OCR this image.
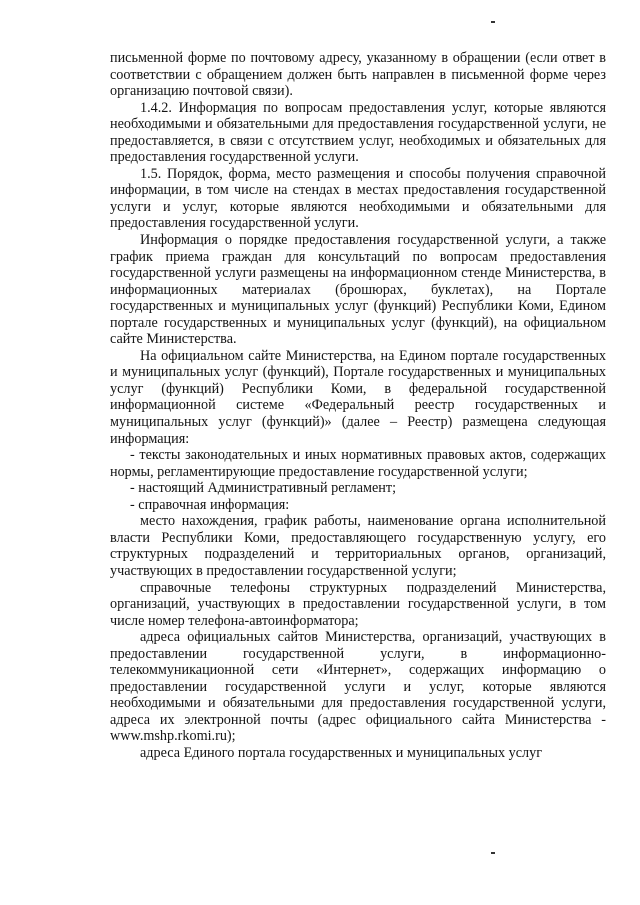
письменной форме по почтовому адресу, указанному в обращении (если ответ в соответствии с обращением должен быть направлен в письменной форме через организацию почтовой связи).

1.4.2. Информация по вопросам предоставления услуг, которые являются необходимыми и обязательными для предоставления государственной услуги, не предоставляется, в связи с отсутствием услуг, необходимых и обязательных для предоставления государственной услуги.

1.5. Порядок, форма, место размещения и способы получения справочной информации, в том числе на стендах в местах предоставления государственной услуги и услуг, которые являются необходимыми и обязательными для предоставления государственной услуги.

Информация о порядке предоставления государственной услуги, а также график приема граждан для консультаций по вопросам предоставления государственной услуги размещены на информационном стенде Министерства, в информационных материалах (брошюрах, буклетах), на Портале государственных и муниципальных услуг (функций) Республики Коми, Едином портале государственных и муниципальных услуг (функций), на официальном сайте Министерства.

На официальном сайте Министерства, на Едином портале государственных и муниципальных услуг (функций), Портале государственных и муниципальных услуг (функций) Республики Коми, в федеральной государственной информационной системе «Федеральный реестр государственных и муниципальных услуг (функций)» (далее – Реестр) размещена следующая информация:

- тексты законодательных и иных нормативных правовых актов, содержащих нормы, регламентирующие предоставление государственной услуги;

- настоящий Административный регламент;

- справочная информация:

место нахождения, график работы, наименование органа исполнительной власти Республики Коми, предоставляющего государственную услугу, его структурных подразделений и территориальных органов, организаций, участвующих в предоставлении государственной услуги;

справочные телефоны структурных подразделений Министерства, организаций, участвующих в предоставлении государственной услуги, в том числе номер телефона-автоинформатора;

адреса официальных сайтов Министерства, организаций, участвующих в предоставлении государственной услуги, в информационно-телекоммуникационной сети «Интернет», содержащих информацию о предоставлении государственной услуги и услуг, которые являются необходимыми и обязательными для предоставления государственной услуги, адреса их электронной почты (адрес официального сайта Министерства - www.mshp.rkomi.ru);

адреса Единого портала государственных и муниципальных услуг
